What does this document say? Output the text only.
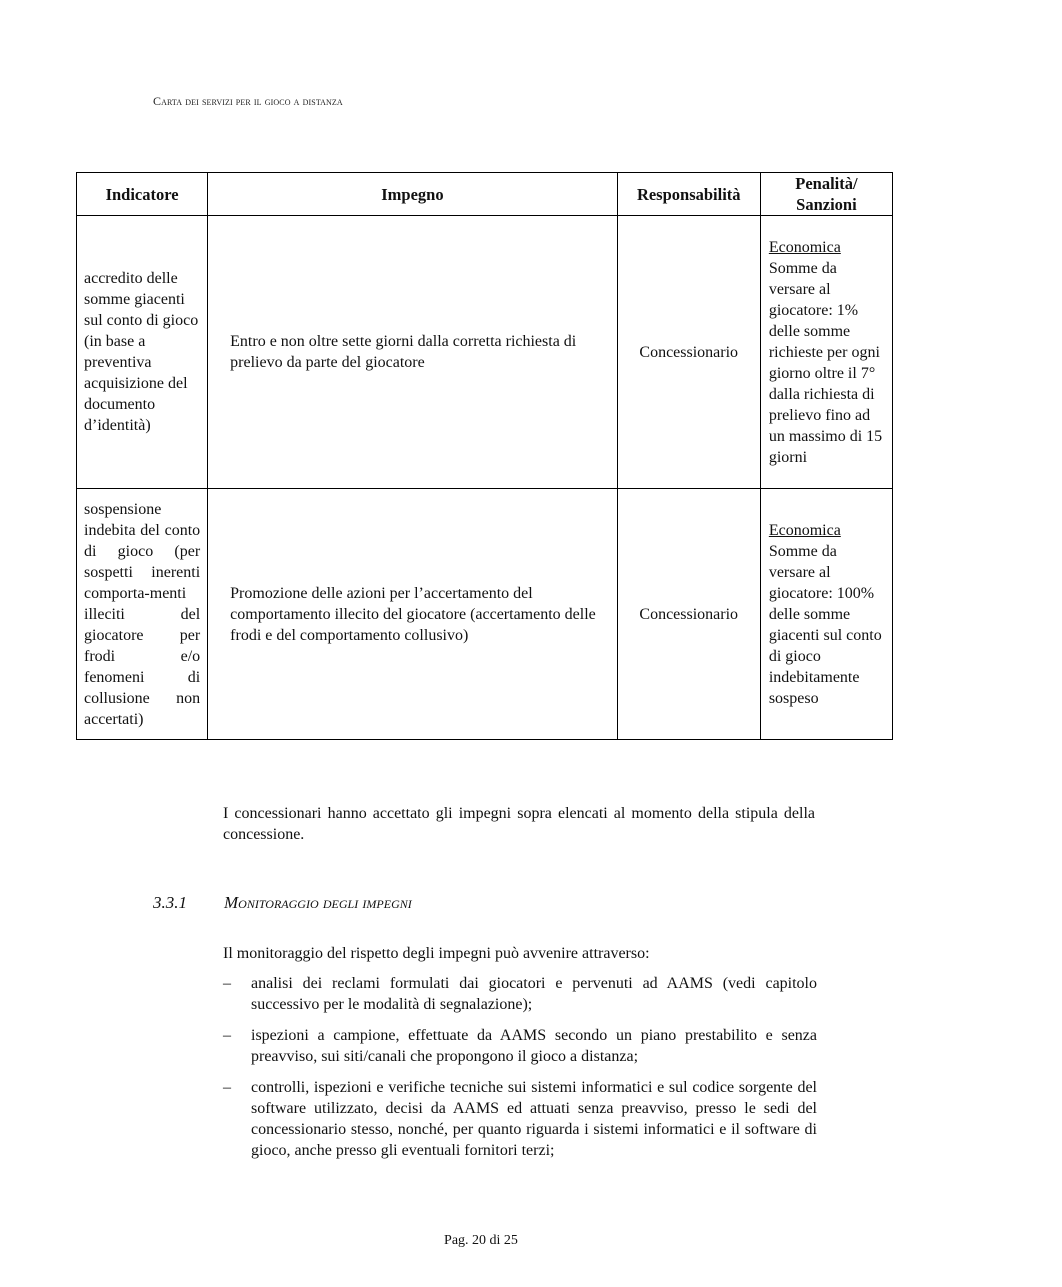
Carta dei servizi per il gioco a distanza
Indicatore	Impegno	Responsabilità	Penalità/ Sanzioni
accredito delle somme giacenti sul conto di gioco (in base a preventiva acquisizione del documento d’identità)	Entro e non oltre sette giorni dalla corretta richiesta di prelievo da parte del giocatore	Concessionario	Economica
Somme da versare al giocatore: 1% delle somme richieste per ogni giorno oltre il 7° dalla richiesta di prelievo fino ad un massimo di 15 giorni

sospensione indebita del conto di gioco (per sospetti inerenti comporta-menti illeciti del giocatore per frodi e/o fenomeni di collusione non accertati)	Promozione delle azioni per l’accertamento del comportamento illecito del giocatore (accertamento delle frodi e del comportamento collusivo)	Concessionario	Economica
Somme da versare al giocatore: 100% delle somme giacenti sul conto di gioco indebitamente sospeso
I concessionari hanno accettato gli impegni sopra elencati al momento della stipula della concessione.
3.3.1 Monitoraggio degli impegni
Il monitoraggio del rispetto degli impegni può avvenire attraverso:
– analisi dei reclami formulati dai giocatori e pervenuti ad AAMS (vedi capitolo successivo per le modalità di segnalazione);
– ispezioni a campione, effettuate da AAMS secondo un piano prestabilito e senza preavviso, sui siti/canali che propongono il gioco a distanza;
– controlli, ispezioni e verifiche tecniche sui sistemi informatici e sul codice sorgente del software utilizzato, decisi da AAMS ed attuati senza preavviso, presso le sedi del concessionario stesso, nonché, per quanto riguarda i sistemi informatici e il software di gioco, anche presso gli eventuali fornitori terzi;
Pag. 20 di 25
